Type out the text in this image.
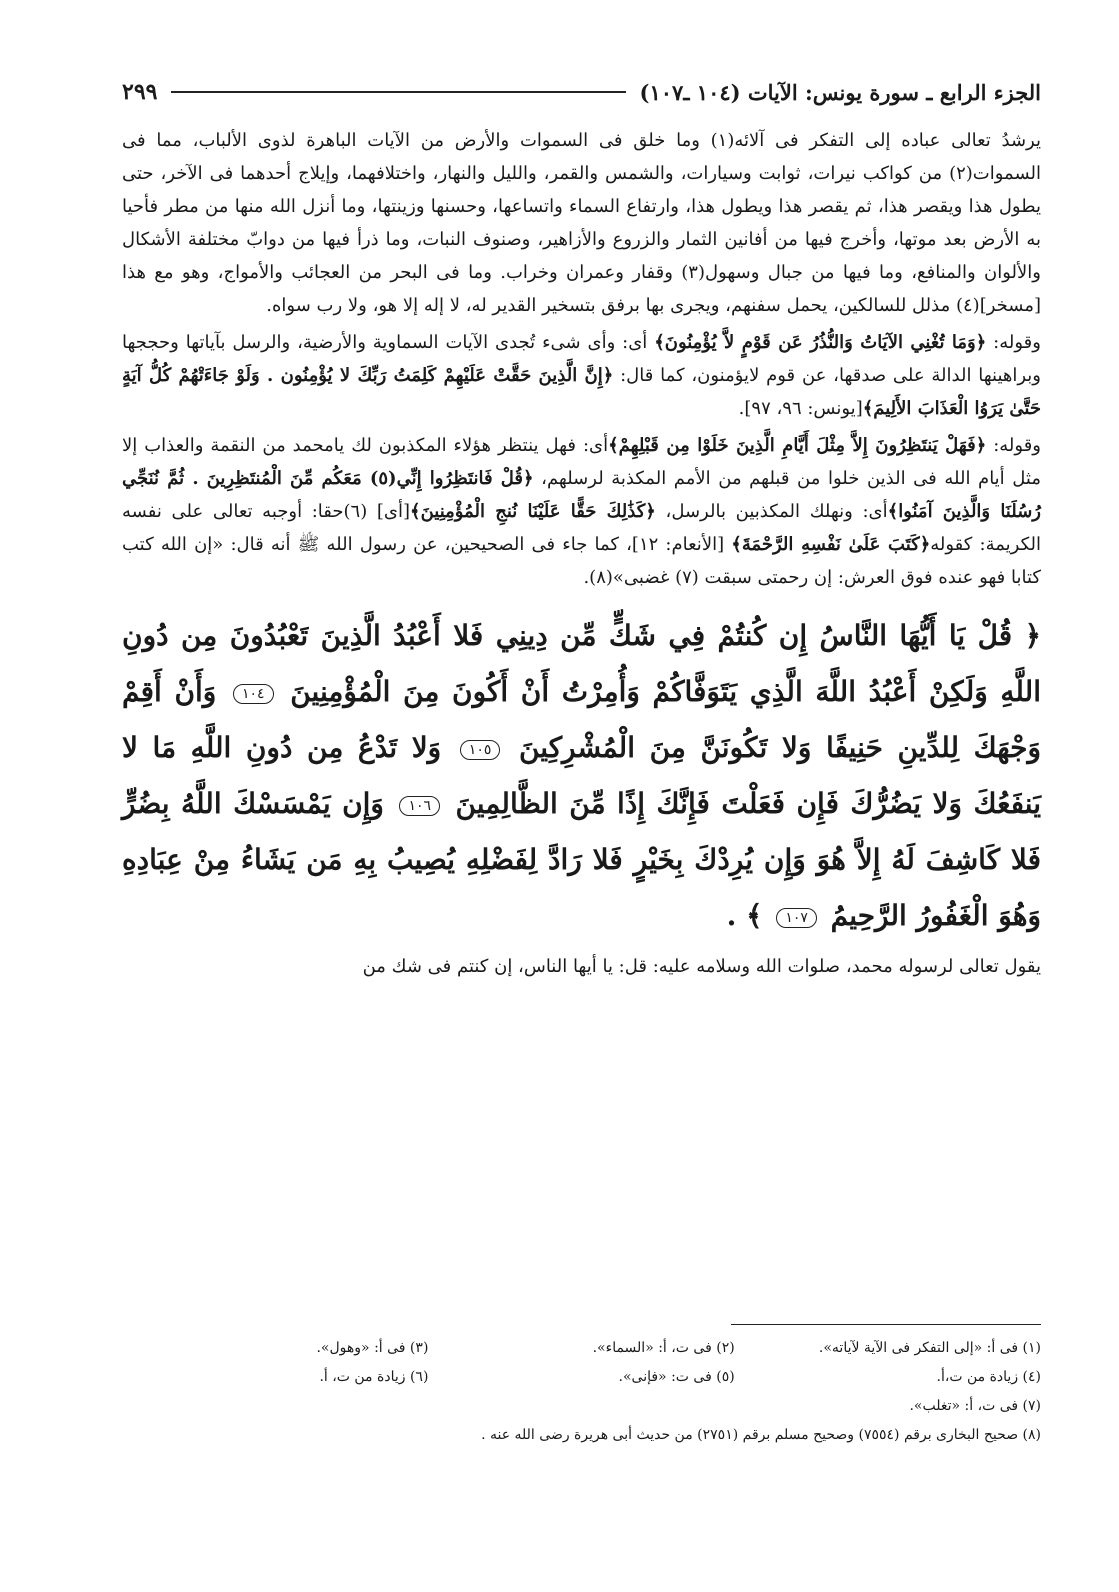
الجزء الرابع ـ سورة يونس: الآيات (١٠٤ ـ١٠٧)
٢٩٩

يرشدُ تعالى عباده إلى التفكر فى آلائه(١) وما خلق فى السموات والأرض من الآيات الباهرة لذوى الألباب، مما فى السموات(٢) من كواكب نيرات، ثوابت وسيارات، والشمس والقمر، والليل والنهار، واختلافهما، وإيلاج أحدهما فى الآخر، حتى يطول هذا ويقصر هذا، ثم يقصر هذا ويطول هذا، وارتفاع السماء واتساعها، وحسنها وزينتها، وما أنزل الله منها من مطر فأحيا به الأرض بعد موتها، وأخرج فيها من أفانين الثمار والزروع والأزاهير، وصنوف النبات، وما ذرأ فيها من دوابّ مختلفة الأشكال والألوان والمنافع، وما فيها من جبال وسهول(٣) وقفار وعمران وخراب. وما فى البحر من العجائب والأمواج، وهو مع هذا [مسخر](٤) مذلل للسالكين، يحمل سفنهم، ويجرى بها برفق بتسخير القدير له، لا إله إلا هو، ولا رب سواه.

وقوله: ﴿وَمَا تُغْنِي الآيَاتُ وَالنُّذُرُ عَن قَوْمٍ لاَّ يُؤْمِنُونَ﴾ أى: وأى شىء تُجدى الآيات السماوية والأرضية، والرسل بآياتها وحججها وبراهينها الدالة على صدقها، عن قوم لايؤمنون، كما قال: ﴿إِنَّ الَّذِينَ حَقَّتْ عَلَيْهِمْ كَلِمَتُ رَبِّكَ لا يُؤْمِنُون . وَلَوْ جَاءَتْهُمْ كُلُّ آيَةٍ حَتَّىٰ يَرَوُا الْعَذَابَ الأَلِيمَ﴾[يونس: ٩٦، ٩٧].

وقوله: ﴿فَهَلْ يَنتَظِرُونَ إِلاَّ مِثْلَ أَيَّامِ الَّذِينَ خَلَوْا مِن قَبْلِهِمْ﴾أى: فهل ينتظر هؤلاء المكذبون لك يامحمد من النقمة والعذاب إلا مثل أيام الله فى الذين خلوا من قبلهم من الأمم المكذبة لرسلهم، ﴿قُلْ فَانتَظِرُوا إِنِّي(٥) مَعَكُم مِّنَ الْمُنتَظِرِينَ . ثُمَّ نُنَجِّي رُسُلَنَا وَالَّذِينَ آمَنُوا﴾أى: ونهلك المكذبين بالرسل، ﴿كَذَٰلِكَ حَقًّا عَلَيْنَا نُنجِ الْمُؤْمِنِينَ﴾[أى] (٦)حقا: أوجبه تعالى على نفسه الكريمة: كقوله﴿كَتَبَ عَلَىٰ نَفْسِهِ الرَّحْمَةَ﴾ [الأنعام: ١٢]، كما جاء فى الصحيحين، عن رسول الله ﷺ أنه قال: «إن الله كتب كتابا فهو عنده فوق العرش: إن رحمتى سبقت (٧) غضبى»(٨).

﴿ قُلْ يَا أَيُّهَا النَّاسُ إِن كُنتُمْ فِي شَكٍّ مِّن دِينِي فَلا أَعْبُدُ الَّذِينَ تَعْبُدُونَ مِن دُونِ اللَّهِ وَلَكِنْ أَعْبُدُ اللَّهَ الَّذِي يَتَوَفَّاكُمْ وَأُمِرْتُ أَنْ أَكُونَ مِنَ الْمُؤْمِنِينَ ١٠٤ وَأَنْ أَقِمْ وَجْهَكَ لِلدِّينِ حَنِيفًا وَلا تَكُونَنَّ مِنَ الْمُشْرِكِينَ ١٠٥ وَلا تَدْعُ مِن دُونِ اللَّهِ مَا لا يَنفَعُكَ وَلا يَضُرُّكَ فَإِن فَعَلْتَ فَإِنَّكَ إِذًا مِّنَ الظَّالِمِينَ ١٠٦ وَإِن يَمْسَسْكَ اللَّهُ بِضُرٍّ فَلا كَاشِفَ لَهُ إِلاَّ هُوَ وَإِن يُرِدْكَ بِخَيْرٍ فَلا رَادَّ لِفَضْلِهِ يُصِيبُ بِهِ مَن يَشَاءُ مِنْ عِبَادِهِ وَهُوَ الْغَفُورُ الرَّحِيمُ ١٠٧ ﴾ .

يقول تعالى لرسوله محمد، صلوات الله وسلامه عليه: قل: يا أيها الناس، إن كنتم فى شك من

(١) فى أ: «إلى التفكر فى الآية لآياته».
(٢) فى ت، أ: «السماء».
(٣) فى أ: «وهول».
(٤) زيادة من ت،أ.
(٥) فى ت: «فإنى».
(٦) زيادة من ت، أ.
(٧) فى ت، أ: «تغلب».
(٨) صحيح البخارى برقم (٧٥٥٤) وصحيح مسلم برقم (٢٧٥١) من حديث أبى هريرة رضى الله عنه .
